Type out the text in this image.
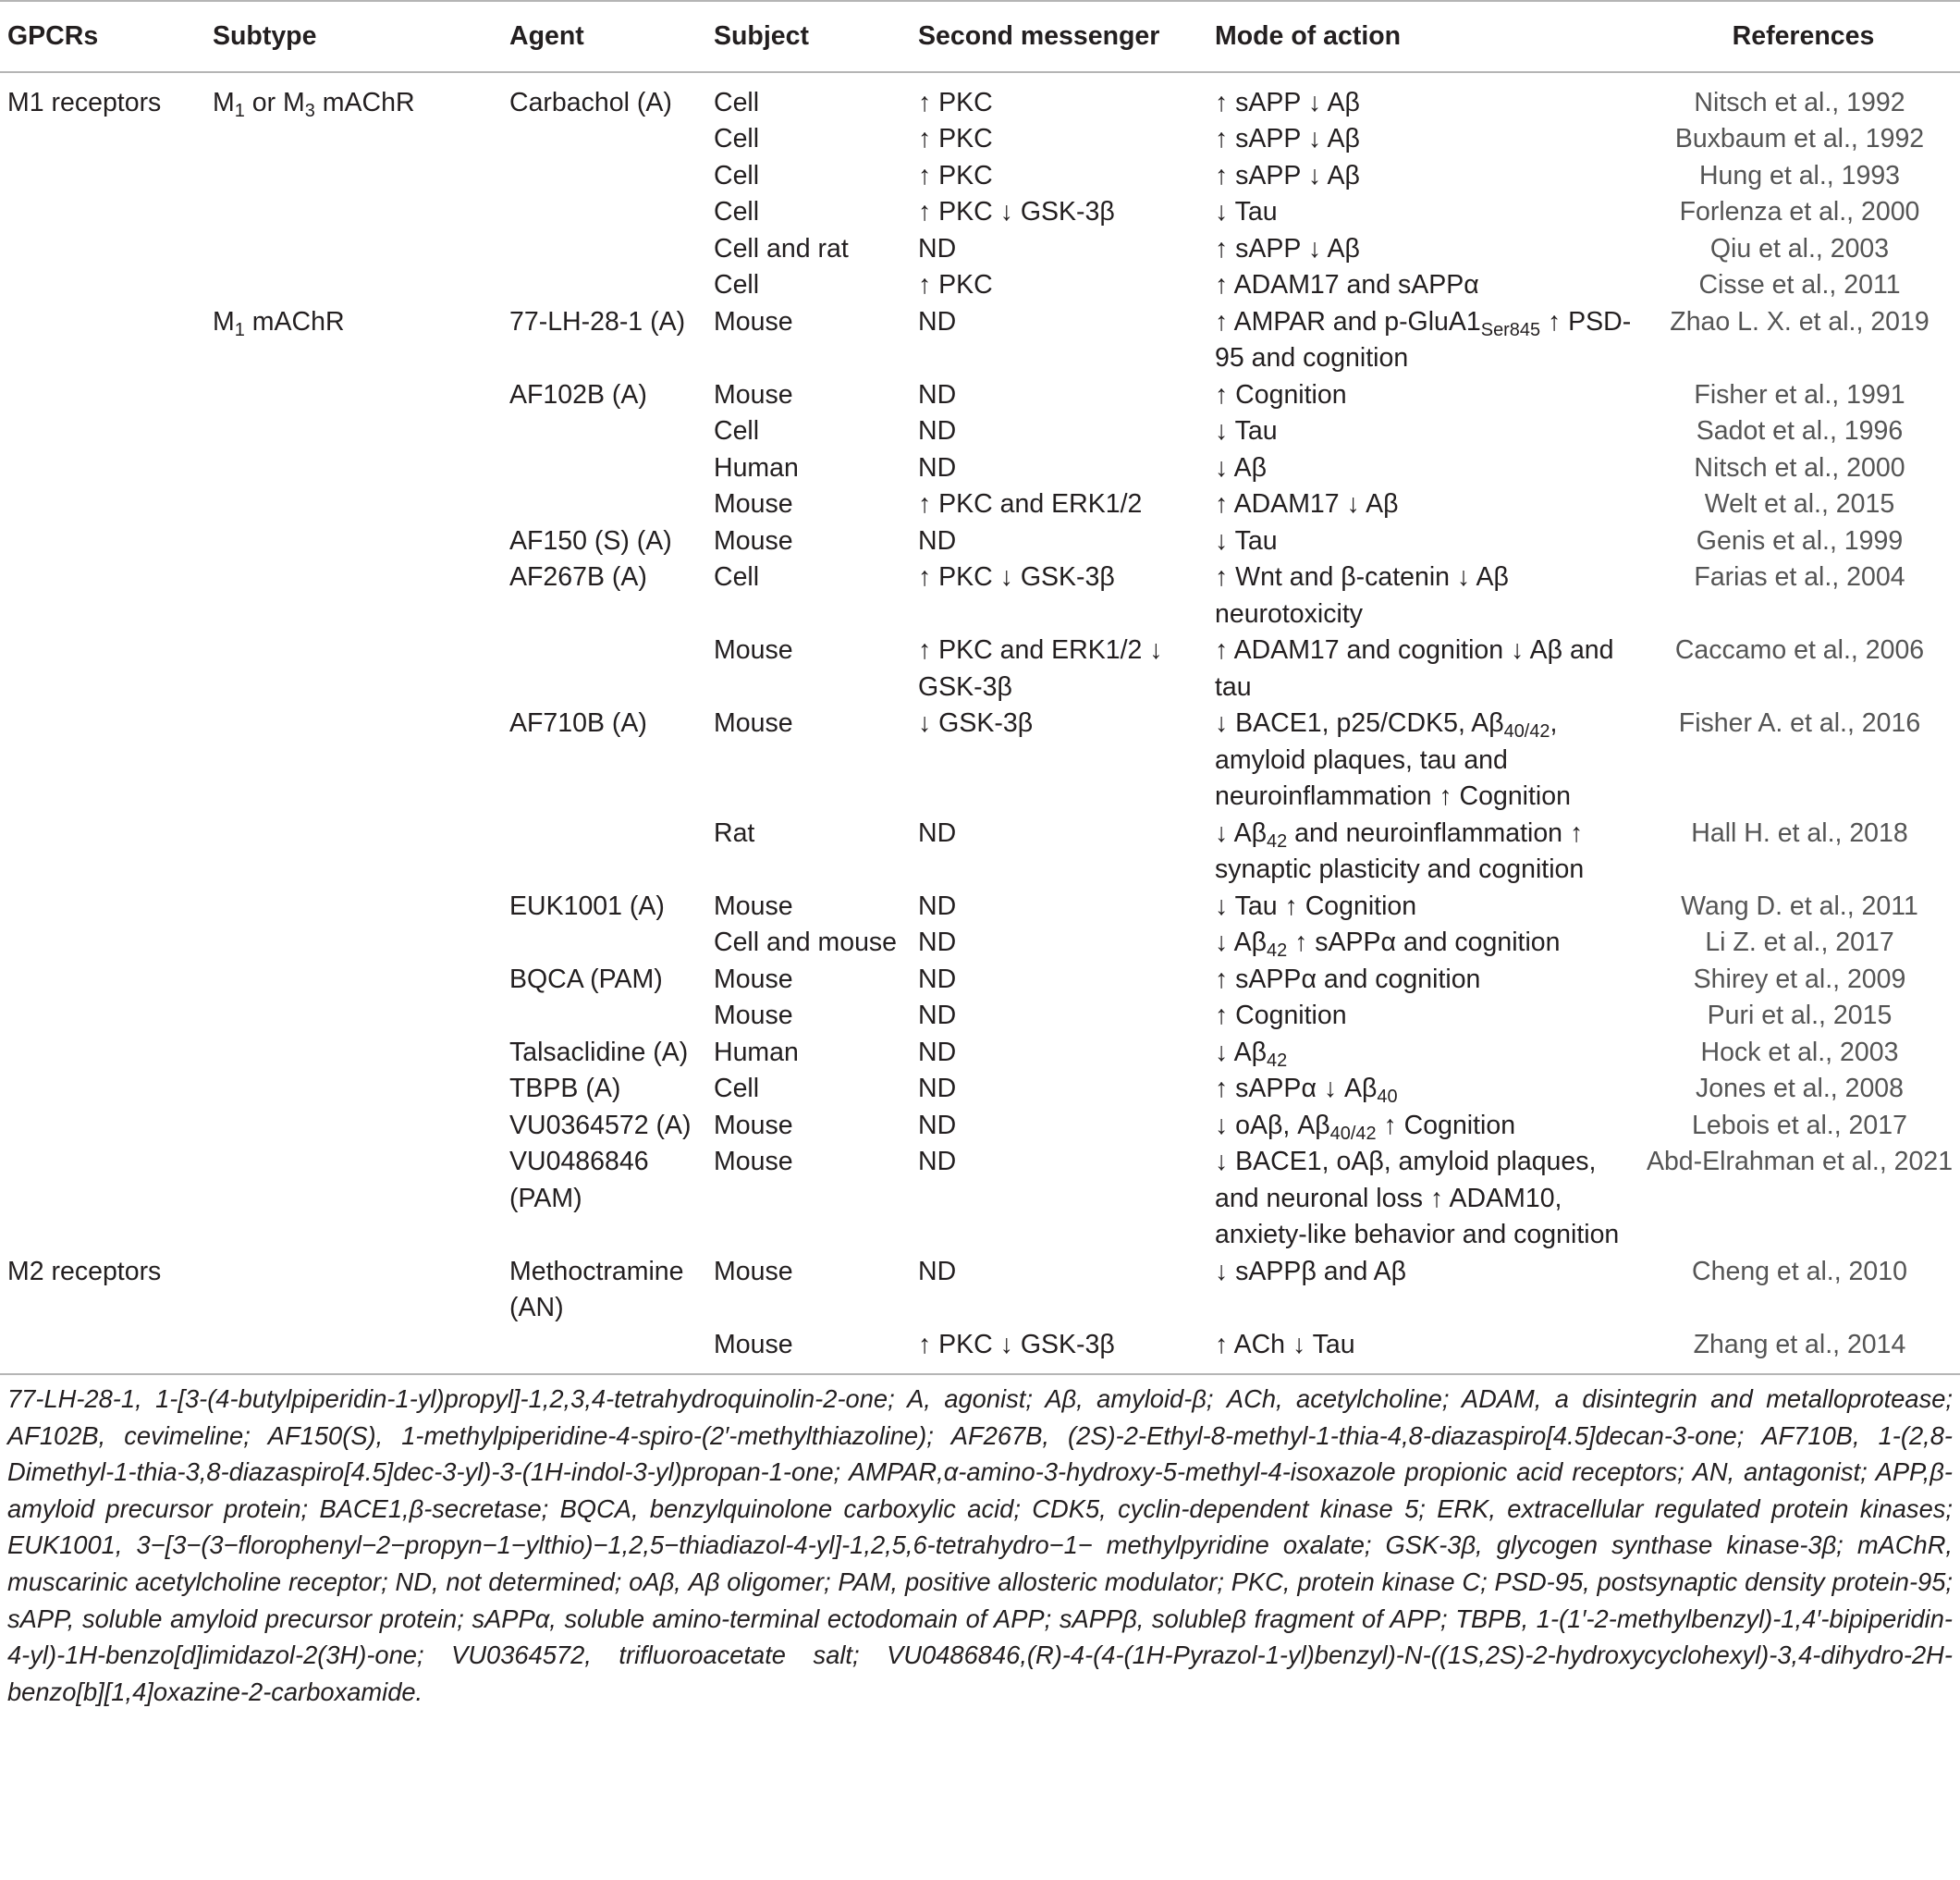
GPCRs	Subtype	Agent	Subject	Second messenger	Mode of action	References
M1 receptors	$M_1$ or $M_3$ mAChR	Carbachol (A)	Cell	↑ PKC	↑ sAPP ↓ Aβ	Nitsch et al., 1992
			Cell	↑ PKC	↑ sAPP ↓ Aβ	Buxbaum et al., 1992
			Cell	↑ PKC	↑ sAPP ↓ Aβ	Hung et al., 1993
			Cell	↑ PKC ↓ GSK-3β	↓ Tau	Forlenza et al., 2000
			Cell and rat	ND	↑ sAPP ↓ Aβ	Qiu et al., 2003
			Cell	↑ PKC	↑ ADAM17 and sAPPα	Cisse et al., 2011
	$M_1$ mAChR	77-LH-28-1 (A)	Mouse	ND	↑ AMPAR and $p-GluA1_{Ser845}$ ↑ PSD-95 and cognition	Zhao L. X. et al., 2019
		AF102B (A)	Mouse	ND	↑ Cognition	Fisher et al., 1991
			Cell	ND	↓ Tau	Sadot et al., 1996
			Human	ND	↓ Aβ	Nitsch et al., 2000
			Mouse	↑ PKC and ERK1/2	↑ ADAM17 ↓ Aβ	Welt et al., 2015
		AF150 (S) (A)	Mouse	ND	↓ Tau	Genis et al., 1999
		AF267B (A)	Cell	↑ PKC ↓ GSK-3β	↑ Wnt and β-catenin ↓ Aβ neurotoxicity	Farias et al., 2004
			Mouse	↑ PKC and ERK1/2 ↓ GSK-3β	↑ ADAM17 and cognition ↓ Aβ and tau	Caccamo et al., 2006
		AF710B (A)	Mouse	↓ GSK-3β	↓ BACE1, p25/CDK5, $A\beta_{40/42}$, amyloid plaques, tau and neuroinflammation ↑ Cognition	Fisher A. et al., 2016
			Rat	ND	↓ $A\beta_{42}$ and neuroinflammation ↑ synaptic plasticity and cognition	Hall H. et al., 2018
		EUK1001 (A)	Mouse	ND	↓ Tau ↑ Cognition	Wang D. et al., 2011
			Cell and mouse	ND	↓ $A\beta_{42}$ ↑ sAPPα and cognition	Li Z. et al., 2017
		BQCA (PAM)	Mouse	ND	↑ sAPPα and cognition	Shirey et al., 2009
			Mouse	ND	↑ Cognition	Puri et al., 2015
		Talsaclidine (A)	Human	ND	↓ $A\beta_{42}$	Hock et al., 2003
		TBPB (A)	Cell	ND	↑ sAPPα ↓ $A\beta_{40}$	Jones et al., 2008
		VU0364572 (A)	Mouse	ND	↓ oAβ, $A\beta_{40/42}$ ↑ Cognition	Lebois et al., 2017
		VU0486846 (PAM)	Mouse	ND	↓ BACE1, oAβ, amyloid plaques, and neuronal loss ↑ ADAM10, anxiety-like behavior and cognition	Abd-Elrahman et al., 2021
M2 receptors		Methoctramine (AN)	Mouse	ND	↓ sAPPβ and Aβ	Cheng et al., 2010
			Mouse	↑ PKC ↓ GSK-3β	↑ ACh ↓ Tau	Zhang et al., 2014
77-LH-28-1, 1-[3-(4-butylpiperidin-1-yl)propyl]-1,2,3,4-tetrahydroquinolin-2-one; A, agonist; Aβ, amyloid-β; ACh, acetylcholine; ADAM, a disintegrin and metalloprotease; AF102B, cevimeline; AF150(S), 1-methylpiperidine-4-spiro-(2′-methylthiazoline); AF267B, (2S)-2-Ethyl-8-methyl-1-thia-4,8-diazaspiro[4.5]decan-3-one; AF710B, 1-(2,8-Dimethyl-1-thia-3,8-diazaspiro[4.5]dec-3-yl)-3-(1H-indol-3-yl)propan-1-one; AMPAR,α-amino-3-hydroxy-5-methyl-4-isoxazole propionic acid receptors; AN, antagonist; APP,β-amyloid precursor protein; BACE1,β-secretase; BQCA, benzylquinolone carboxylic acid; CDK5, cyclin-dependent kinase 5; ERK, extracellular regulated protein kinases; EUK1001, 3−[3−(3−florophenyl−2−propyn−1−ylthio)−1,2,5−thiadiazol-4-yl]-1,2,5,6-tetrahydro−1− methylpyridine oxalate; GSK-3β, glycogen synthase kinase-3β; mAChR, muscarinic acetylcholine receptor; ND, not determined; oAβ, Aβ oligomer; PAM, positive allosteric modulator; PKC, protein kinase C; PSD-95, postsynaptic density protein-95; sAPP, soluble amyloid precursor protein; sAPPα, soluble amino-terminal ectodomain of APP; sAPPβ, solubleβ fragment of APP; TBPB, 1-(1′-2-methylbenzyl)-1,4′-bipiperidin-4-yl)-1H-benzo[d]imidazol-2(3H)-one; VU0364572, trifluoroacetate salt; VU0486846,(R)-4-(4-(1H-Pyrazol-1-yl)benzyl)-N-((1S,2S)-2-hydroxycyclohexyl)-3,4-dihydro-2H-benzo[b][1,4]oxazine-2-carboxamide.
